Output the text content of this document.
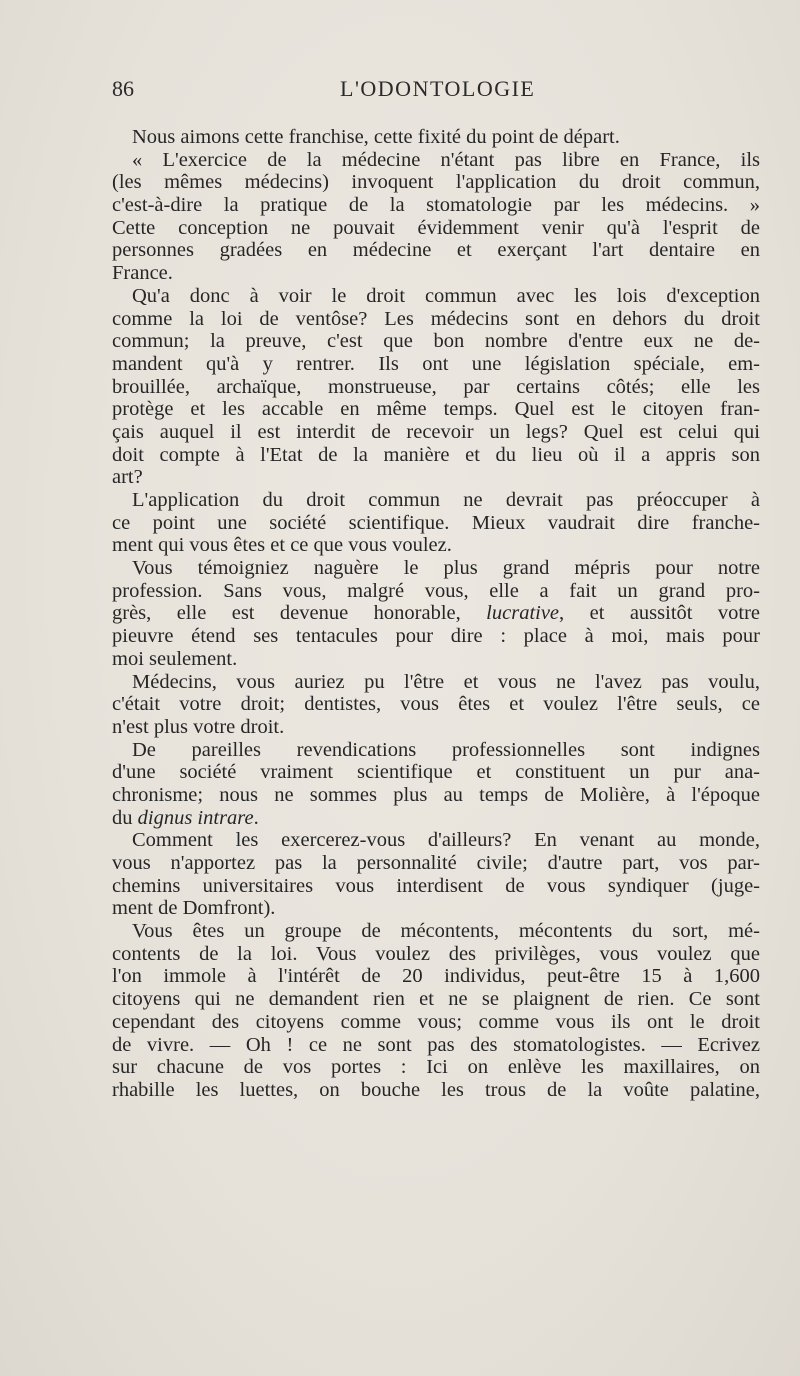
86	L'ODONTOLOGIE
Nous aimons cette franchise, cette fixité du point de départ.
« L'exercice de la médecine n'étant pas libre en France, ils
(les mêmes médecins) invoquent l'application du droit commun,
c'est-à-dire la pratique de la stomatologie par les médecins. »
Cette conception ne pouvait évidemment venir qu'à l'esprit de
personnes gradées en médecine et exerçant l'art dentaire en
France.
Qu'a donc à voir le droit commun avec les lois d'exception
comme la loi de ventôse? Les médecins sont en dehors du droit
commun; la preuve, c'est que bon nombre d'entre eux ne de-
mandent qu'à y rentrer. Ils ont une législation spéciale, em-
brouillée, archaïque, monstrueuse, par certains côtés; elle les
protège et les accable en même temps. Quel est le citoyen fran-
çais auquel il est interdit de recevoir un legs? Quel est celui qui
doit compte à l'Etat de la manière et du lieu où il a appris son
art?
L'application du droit commun ne devrait pas préoccuper à
ce point une société scientifique. Mieux vaudrait dire franche-
ment qui vous êtes et ce que vous voulez.
Vous témoigniez naguère le plus grand mépris pour notre
profession. Sans vous, malgré vous, elle a fait un grand pro-
grès, elle est devenue honorable, lucrative, et aussitôt votre
pieuvre étend ses tentacules pour dire : place à moi, mais pour
moi seulement.
Médecins, vous auriez pu l'être et vous ne l'avez pas voulu,
c'était votre droit; dentistes, vous êtes et voulez l'être seuls, ce
n'est plus votre droit.
De pareilles revendications professionnelles sont indignes
d'une société vraiment scientifique et constituent un pur ana-
chronisme; nous ne sommes plus au temps de Molière, à l'époque
du dignus intrare.
Comment les exercerez-vous d'ailleurs? En venant au monde,
vous n'apportez pas la personnalité civile; d'autre part, vos par-
chemins universitaires vous interdisent de vous syndiquer (juge-
ment de Domfront).
Vous êtes un groupe de mécontents, mécontents du sort, mé-
contents de la loi. Vous voulez des privilèges, vous voulez que
l'on immole à l'intérêt de 20 individus, peut-être 15 à 1,600
citoyens qui ne demandent rien et ne se plaignent de rien. Ce sont
cependant des citoyens comme vous; comme vous ils ont le droit
de vivre. — Oh ! ce ne sont pas des stomatologistes. — Ecrivez
sur chacune de vos portes : Ici on enlève les maxillaires, on
rhabille les luettes, on bouche les trous de la voûte palatine,
